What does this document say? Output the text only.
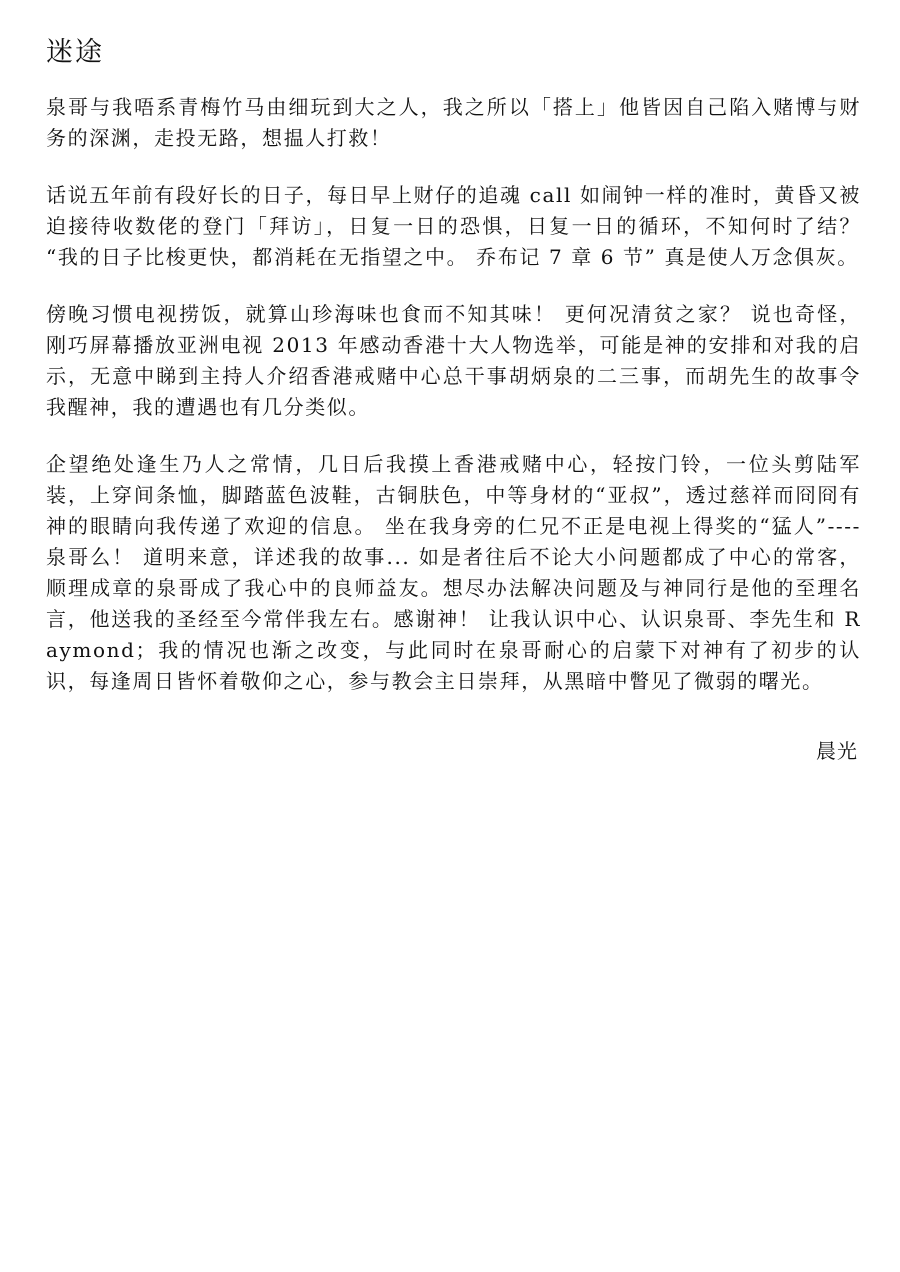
迷途

泉哥与我唔系青梅竹马由细玩到大之人，我之所以「搭上」他皆因自己陷入赌博与财务的深渊，走投无路，想揾人打救！

话说五年前有段好长的日子，每日早上财仔的追魂 call 如闹钟一样的准时，黄昏又被迫接待收数佬的登门「拜访」，日复一日的恐惧，日复一日的循环，不知何时了结？ “我的日子比梭更快，都消耗在无指望之中。 乔布记 7 章 6 节” 真是使人万念俱灰。

傍晚习惯电视捞饭，就算山珍海味也食而不知其味！ 更何况清贫之家？ 说也奇怪，刚巧屏幕播放亚洲电视 2013 年感动香港十大人物选举，可能是神的安排和对我的启示，无意中睇到主持人介绍香港戒赌中心总干事胡炳泉的二三事，而胡先生的故事令我醒神，我的遭遇也有几分类似。

企望绝处逢生乃人之常情，几日后我摸上香港戒赌中心，轻按门铃，一位头剪陆军装，上穿间条恤，脚踏蓝色波鞋，古铜肤色，中等身材的“亚叔”，透过慈祥而冏冏有神的眼睛向我传递了欢迎的信息。 坐在我身旁的仁兄不正是电视上得奖的“猛人”----泉哥么！ 道明来意，详述我的故事... 如是者往后不论大小问题都成了中心的常客，顺理成章的泉哥成了我心中的良师益友。想尽办法解决问题及与神同行是他的至理名言，他送我的圣经至今常伴我左右。感谢神！ 让我认识中心、认识泉哥、李先生和 Raymond；我的情况也渐之改变，与此同时在泉哥耐心的启蒙下对神有了初步的认识，每逢周日皆怀着敬仰之心，参与教会主日崇拜，从黑暗中瞥见了微弱的曙光。

晨光
